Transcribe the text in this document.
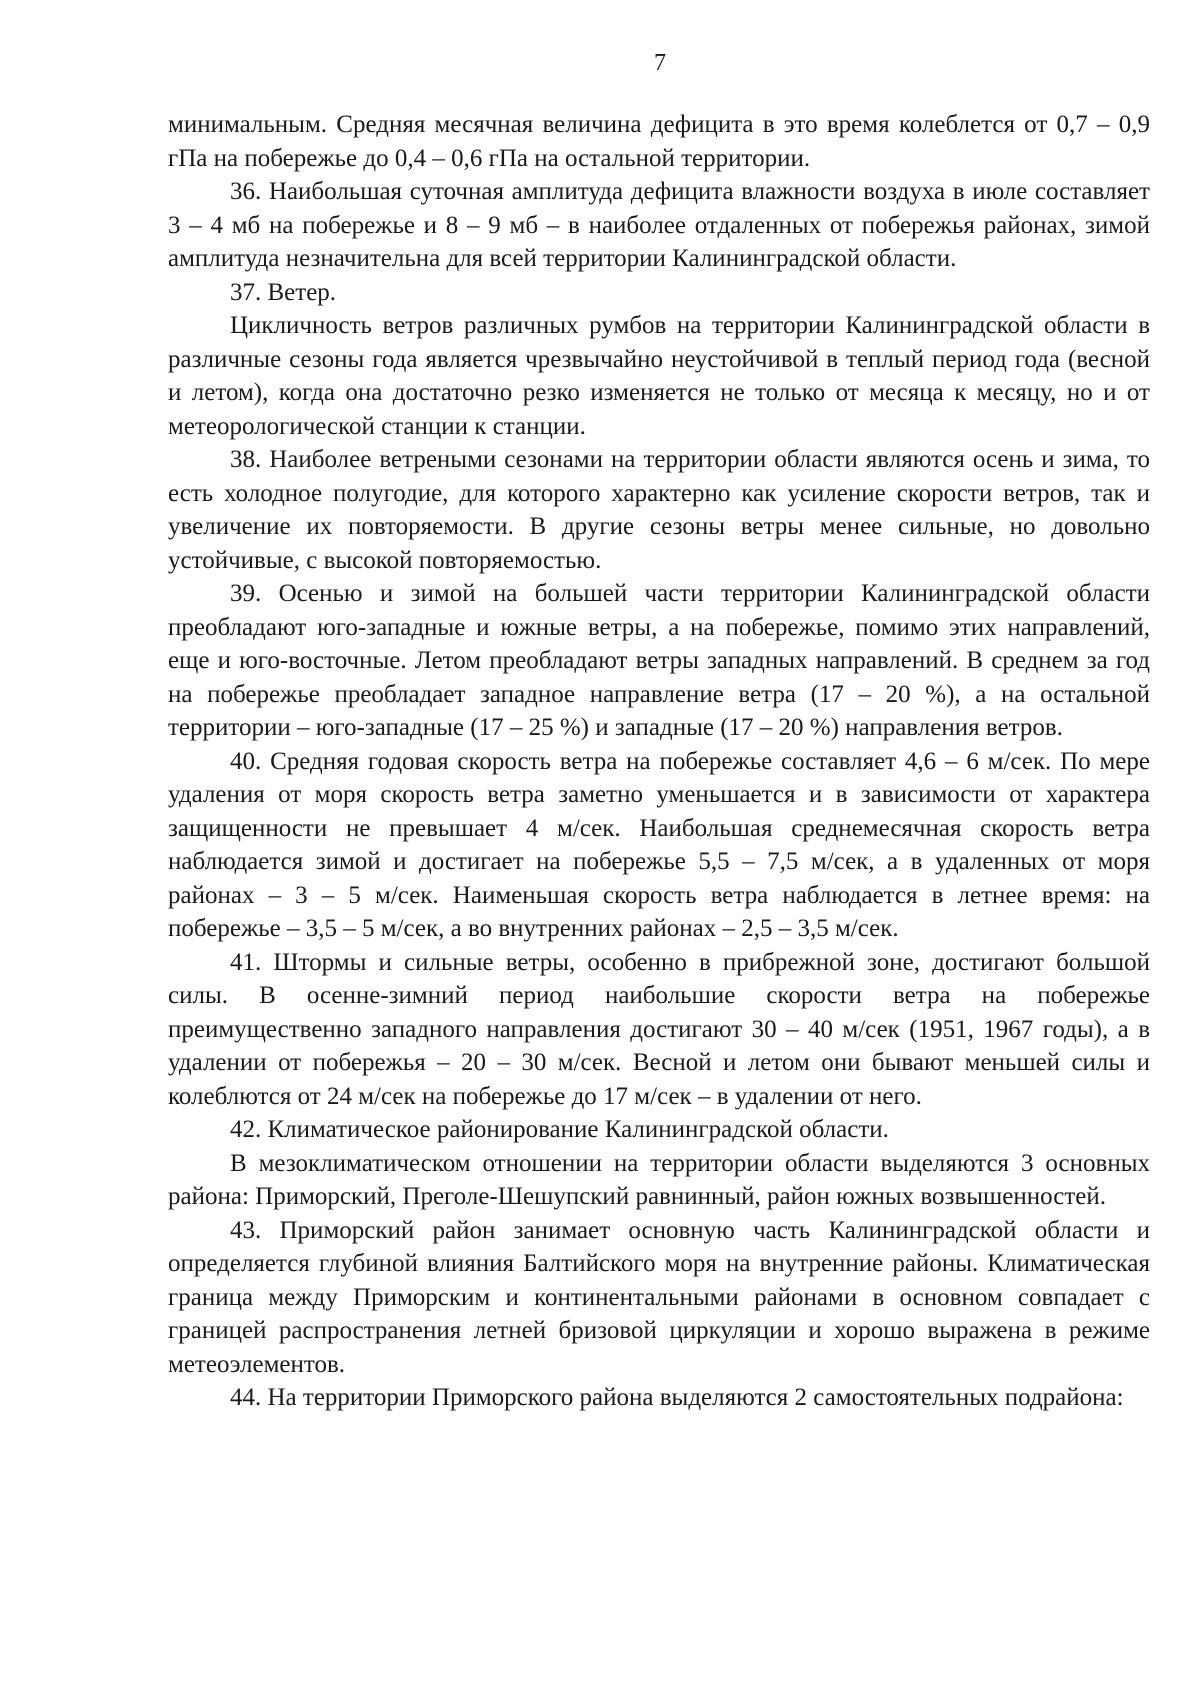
7

минимальным. Средняя месячная величина дефицита в это время колеблется от 0,7 – 0,9 гПа на побережье до 0,4 – 0,6 гПа на остальной территории.

36. Наибольшая суточная амплитуда дефицита влажности воздуха в июле составляет 3 – 4 мб на побережье и 8 – 9 мб – в наиболее отдаленных от побережья районах, зимой амплитуда незначительна для всей территории Калининградской области.

37. Ветер.

Цикличность ветров различных румбов на территории Калининградской области в различные сезоны года является чрезвычайно неустойчивой в теплый период года (весной и летом), когда она достаточно резко изменяется не только от месяца к месяцу, но и от метеорологической станции к станции.

38. Наиболее ветреными сезонами на территории области являются осень и зима, то есть холодное полугодие, для которого характерно как усиление скорости ветров, так и увеличение их повторяемости. В другие сезоны ветры менее сильные, но довольно устойчивые, с высокой повторяемостью.

39. Осенью и зимой на большей части территории Калининградской области преобладают юго-западные и южные ветры, а на побережье, помимо этих направлений, еще и юго-восточные. Летом преобладают ветры западных направлений. В среднем за год на побережье преобладает западное направление ветра (17 – 20 %), а на остальной территории – юго-западные (17 – 25 %) и западные (17 – 20 %) направления ветров.

40. Средняя годовая скорость ветра на побережье составляет 4,6 – 6 м/сек. По мере удаления от моря скорость ветра заметно уменьшается и в зависимости от характера защищенности не превышает 4 м/сек. Наибольшая среднемесячная скорость ветра наблюдается зимой и достигает на побережье 5,5 – 7,5 м/сек, а в удаленных от моря районах – 3 – 5 м/сек. Наименьшая скорость ветра наблюдается в летнее время: на побережье – 3,5 – 5 м/сек, а во внутренних районах – 2,5 – 3,5 м/сек.

41. Штормы и сильные ветры, особенно в прибрежной зоне, достигают большой силы. В осенне-зимний период наибольшие скорости ветра на побережье преимущественно западного направления достигают 30 – 40 м/сек (1951, 1967 годы), а в удалении от побережья – 20 – 30 м/сек. Весной и летом они бывают меньшей силы и колеблются от 24 м/сек на побережье до 17 м/сек – в удалении от него.

42. Климатическое районирование Калининградской области.

В мезоклиматическом отношении на территории области выделяются 3 основных района: Приморский, Преголе-Шешупский равнинный, район южных возвышенностей.

43. Приморский район занимает основную часть Калининградской области и определяется глубиной влияния Балтийского моря на внутренние районы. Климатическая граница между Приморским и континентальными районами в основном совпадает с границей распространения летней бризовой циркуляции и хорошо выражена в режиме метеоэлементов.

44. На территории Приморского района выделяются 2 самостоятельных подрайона:
